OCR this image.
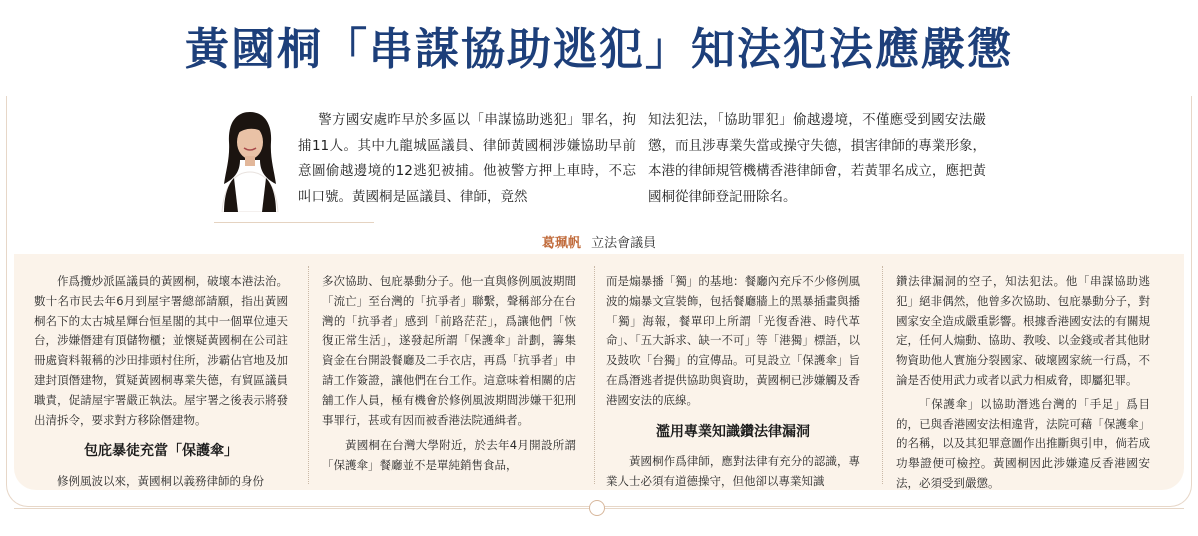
黃國桐「串謀協助逃犯」知法犯法應嚴懲

警方國安處昨早於多區以「串謀協助逃犯」罪名，拘捕11人。其中九龍城區議員、律師黃國桐涉嫌協助早前意圖偷越邊境的12逃犯被捕。他被警方押上車時，不忘叫口號。黃國桐是區議員、律師，竟然

知法犯法，「協助罪犯」偷越邊境，不僅應受到國安法嚴懲，而且涉專業失當或操守失德，損害律師的專業形象，本港的律師規管機構香港律師會，若黃罪名成立，應把黃國桐從律師登記冊除名。

葛珮帆 立法會議員

作爲攬炒派區議員的黃國桐，破壞本港法治。數十名市民去年6月到屋宇署總部請願，指出黃國桐名下的太古城星輝台恒星閣的其中一個單位連天台，涉嫌僭建有頂儲物櫃；並懷疑黃國桐在公司註冊處資料報稱的沙田排頭村住所，涉霸佔官地及加建封頂僭建物，質疑黃國桐專業失德，有貿區議員職責，促請屋宇署嚴正執法。屋宇署之後表示將發出清拆令，要求對方移除僭建物。

包庇暴徒充當「保護傘」

修例風波以來，黃國桐以義務律師的身份

多次協助、包庇暴動分子。他一直與修例風波期間「流亡」至台灣的「抗爭者」聯繫，聲稱部分在台灣的「抗爭者」感到「前路茫茫」，爲讓他們「恢復正常生活」，遂發起所謂「保護傘」計劃，籌集資金在台開設餐廳及二手衣店，再爲「抗爭者」申請工作簽證，讓他們在台工作。這意味着相關的店舖工作人員，極有機會於修例風波期間涉嫌干犯刑事罪行，甚或有因而被香港法院通緝者。

黃國桐在台灣大學附近，於去年4月開設所謂「保護傘」餐廳並不是單純銷售食品，

而是煽暴播「獨」的基地：餐廳內充斥不少修例風波的煽暴文宣裝飾，包括餐廳牆上的黑暴插畫與播「獨」海報，餐單印上所謂「光復香港、時代革命」、「五大訴求、缺一不可」等「港獨」標語，以及鼓吹「台獨」的宣傳品。可見設立「保護傘」旨在爲潛逃者提供協助與資助，黃國桐已涉嫌觸及香港國安法的底線。

濫用專業知識鑽法律漏洞

黃國桐作爲律師，應對法律有充分的認識，專業人士必須有道德操守，但他卻以專業知識

鑽法律漏洞的空子，知法犯法。他「串謀協助逃犯」絕非偶然，他曾多次協助、包庇暴動分子，對國家安全造成嚴重影響。根據香港國安法的有關規定，任何人煽動、協助、教唆、以金錢或者其他財物資助他人實施分裂國家、破壞國家統一行爲，不論是否使用武力或者以武力相威脅，即屬犯罪。

「保護傘」以協助潛逃台灣的「手足」爲目的，已與香港國安法相違背，法院可藉「保護傘」的名稱，以及其犯罪意圖作出推斷與引申，倘若成功舉證便可檢控。黃國桐因此涉嫌違反香港國安法，必須受到嚴懲。
